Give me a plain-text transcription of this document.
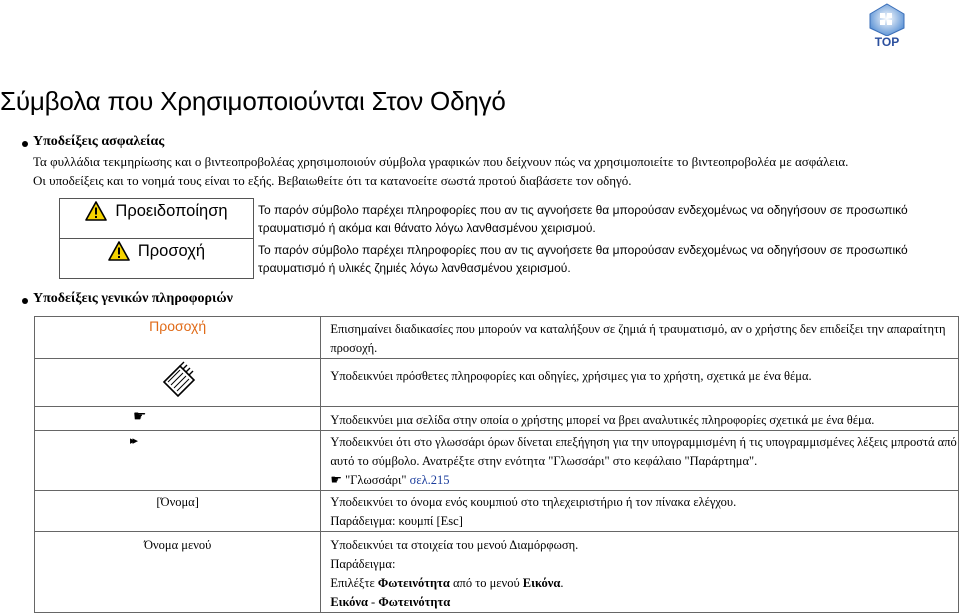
TOP
Σύμβολα που Χρησιμοποιούνται Στον Οδηγό
Υποδείξεις ασφαλείας
Τα φυλλάδια τεκμηρίωσης και ο βιντεοπροβολέας χρησιμοποιούν σύμβολα γραφικών που δείχνουν πώς να χρησιμοποιείτε το βιντεοπροβολέα με ασφάλεια.
Οι υποδείξεις και το νοημά τους είναι το εξής. Βεβαιωθείτε ότι τα κατανοείτε σωστά προτού διαβάσετε τον οδηγό.
Προειδοποίηση	Το παρόν σύμβολο παρέχει πληροφορίες που αν τις αγνοήσετε θα μπορούσαν ενδεχομένως να οδηγήσουν σε προσωπικό τραυματισμό ή ακόμα και θάνατο λόγω λανθασμένου χειρισμού.

Προσοχή	Το παρόν σύμβολο παρέχει πληροφορίες που αν τις αγνοήσετε θα μπορούσαν ενδεχομένως να οδηγήσουν σε προσωπικό τραυματισμό ή υλικές ζημιές λόγω λανθασμένου χειρισμού.
Υποδείξεις γενικών πληροφοριών
Προσοχή	Επισημαίνει διαδικασίες που μπορούν να καταλήξουν σε ζημιά ή τραυματισμό, αν ο χρήστης δεν επιδείξει την απαραίτητη προσοχή.
	Υποδεικνύει πρόσθετες πληροφορίες και οδηγίες, χρήσιμες για το χρήστη, σχετικά με ένα θέμα.
☛	Υποδεικνύει μια σελίδα στην οποία ο χρήστης μπορεί να βρει αναλυτικές πληροφορίες σχετικά με ένα θέμα.
▸▸	Υποδεικνύει ότι στο γλωσσάρι όρων δίνεται επεξήγηση για την υπογραμμισμένη ή τις υπογραμμισμένες λέξεις μπροστά από αυτό το σύμβολο. Ανατρέξτε στην ενότητα "Γλωσσάρι" στο κεφάλαιο "Παράρτημα".
☛ "Γλωσσάρι" σελ.215

[Όνομα]	Υποδεικνύει το όνομα ενός κουμπιού στο τηλεχειριστήριο ή τον πίνακα ελέγχου.
Παράδειγμα: κουμπί [Esc]

Όνομα μενού	Υποδεικνύει τα στοιχεία του μενού Διαμόρφωση.
Παράδειγμα:
Επιλέξτε Φωτεινότητα από το μενού Εικόνα.
Εικόνα - Φωτεινότητα
